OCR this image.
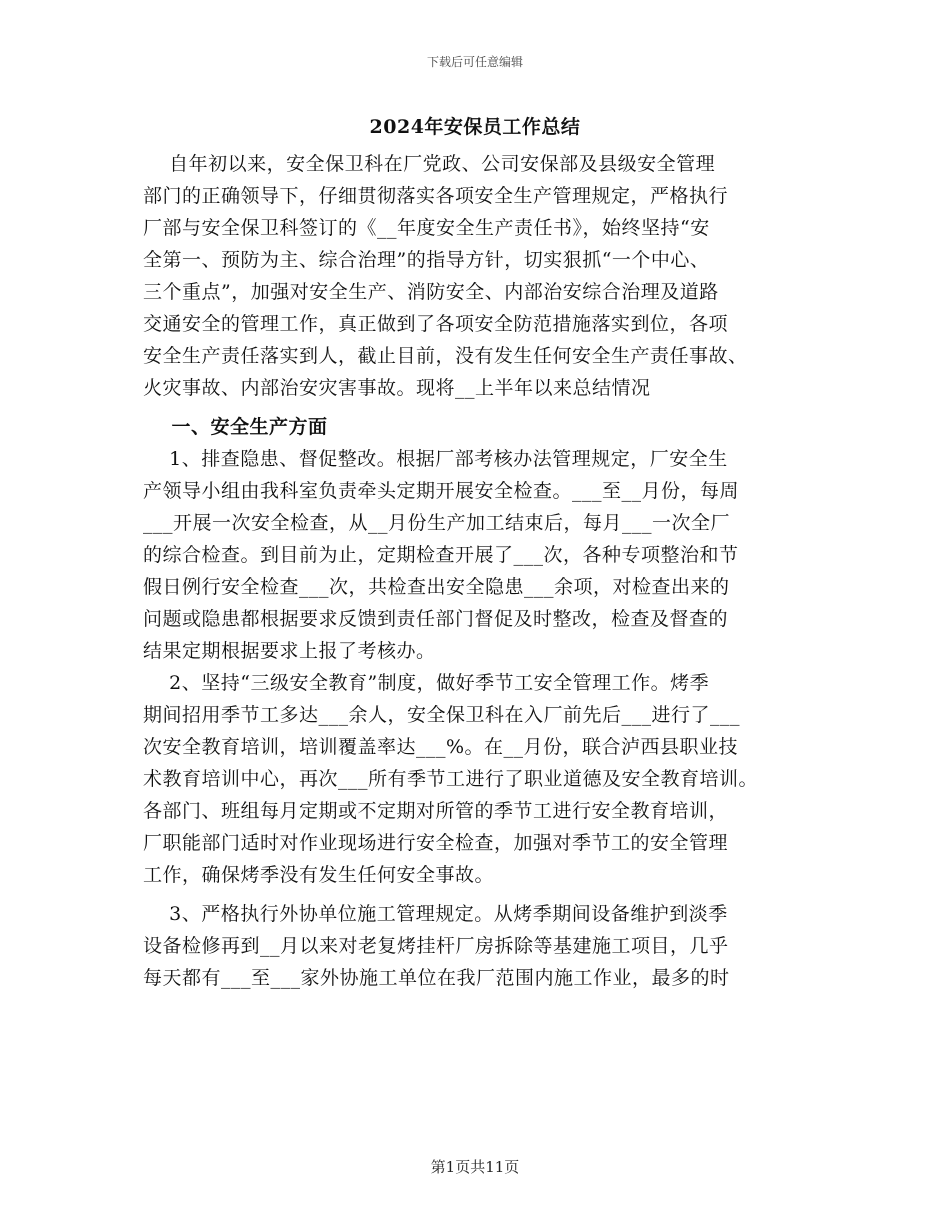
下载后可任意编辑
2024年安保员工作总结
自年初以来，安全保卫科在厂党政、公司安保部及县级安全管理
部门的正确领导下，仔细贯彻落实各项安全生产管理规定，严格执行
厂部与安全保卫科签订的《__年度安全生产责任书》，始终坚持“安
全第一、预防为主、综合治理”的指导方针，切实狠抓“一个中心、
三个重点”，加强对安全生产、消防安全、内部治安综合治理及道路
交通安全的管理工作，真正做到了各项安全防范措施落实到位，各项
安全生产责任落实到人，截止目前，没有发生任何安全生产责任事故、
火灾事故、内部治安灾害事故。现将__上半年以来总结情况
一、安全生产方面
1、排查隐患、督促整改。根据厂部考核办法管理规定，厂安全生
产领导小组由我科室负责牵头定期开展安全检查。___至__月份，每周
___开展一次安全检查，从__月份生产加工结束后，每月___一次全厂
的综合检查。到目前为止，定期检查开展了___次，各种专项整治和节
假日例行安全检查___次，共检查出安全隐患___余项，对检查出来的
问题或隐患都根据要求反馈到责任部门督促及时整改，检查及督查的
结果定期根据要求上报了考核办。
2、坚持“三级安全教育”制度，做好季节工安全管理工作。烤季
期间招用季节工多达___余人，安全保卫科在入厂前先后___进行了___
次安全教育培训，培训覆盖率达___%。在__月份，联合泸西县职业技
术教育培训中心，再次___所有季节工进行了职业道德及安全教育培训。
各部门、班组每月定期或不定期对所管的季节工进行安全教育培训，
厂职能部门适时对作业现场进行安全检查，加强对季节工的安全管理
工作，确保烤季没有发生任何安全事故。
3、严格执行外协单位施工管理规定。从烤季期间设备维护到淡季
设备检修再到__月以来对老复烤挂杆厂房拆除等基建施工项目，几乎
每天都有___至___家外协施工单位在我厂范围内施工作业，最多的时
第1页共11页
